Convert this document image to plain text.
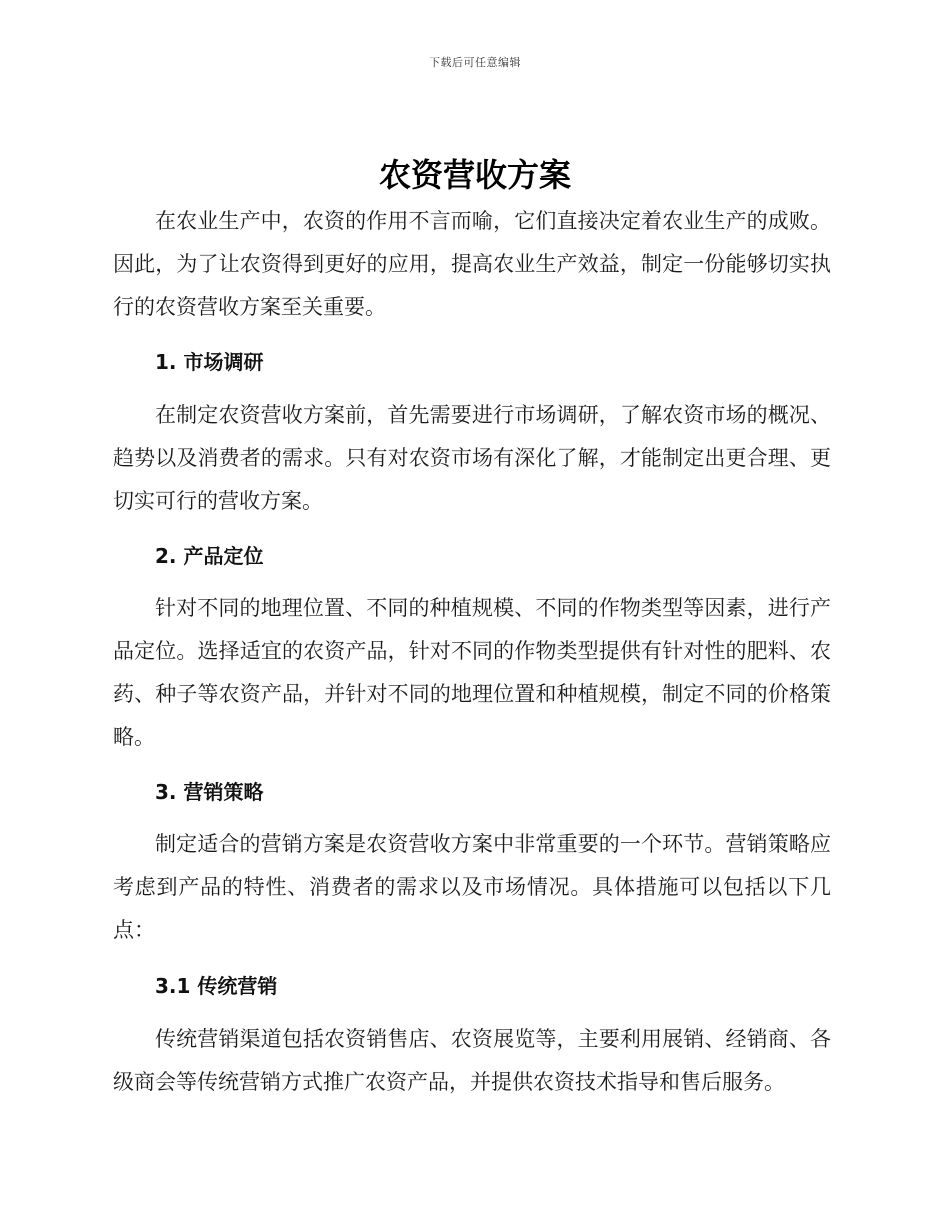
下载后可任意编辑
农资营收方案

在农业生产中，农资的作用不言而喻，它们直接决定着农业生产的成败。因此，为了让农资得到更好的应用，提高农业生产效益，制定一份能够切实执行的农资营收方案至关重要。

1. 市场调研

在制定农资营收方案前，首先需要进行市场调研，了解农资市场的概况、趋势以及消费者的需求。只有对农资市场有深化了解，才能制定出更合理、更切实可行的营收方案。

2. 产品定位

针对不同的地理位置、不同的种植规模、不同的作物类型等因素，进行产品定位。选择适宜的农资产品，针对不同的作物类型提供有针对性的肥料、农药、种子等农资产品，并针对不同的地理位置和种植规模，制定不同的价格策略。

3. 营销策略

制定适合的营销方案是农资营收方案中非常重要的一个环节。营销策略应考虑到产品的特性、消费者的需求以及市场情况。具体措施可以包括以下几点：

3.1 传统营销

传统营销渠道包括农资销售店、农资展览等，主要利用展销、经销商、各级商会等传统营销方式推广农资产品，并提供农资技术指导和售后服务。
